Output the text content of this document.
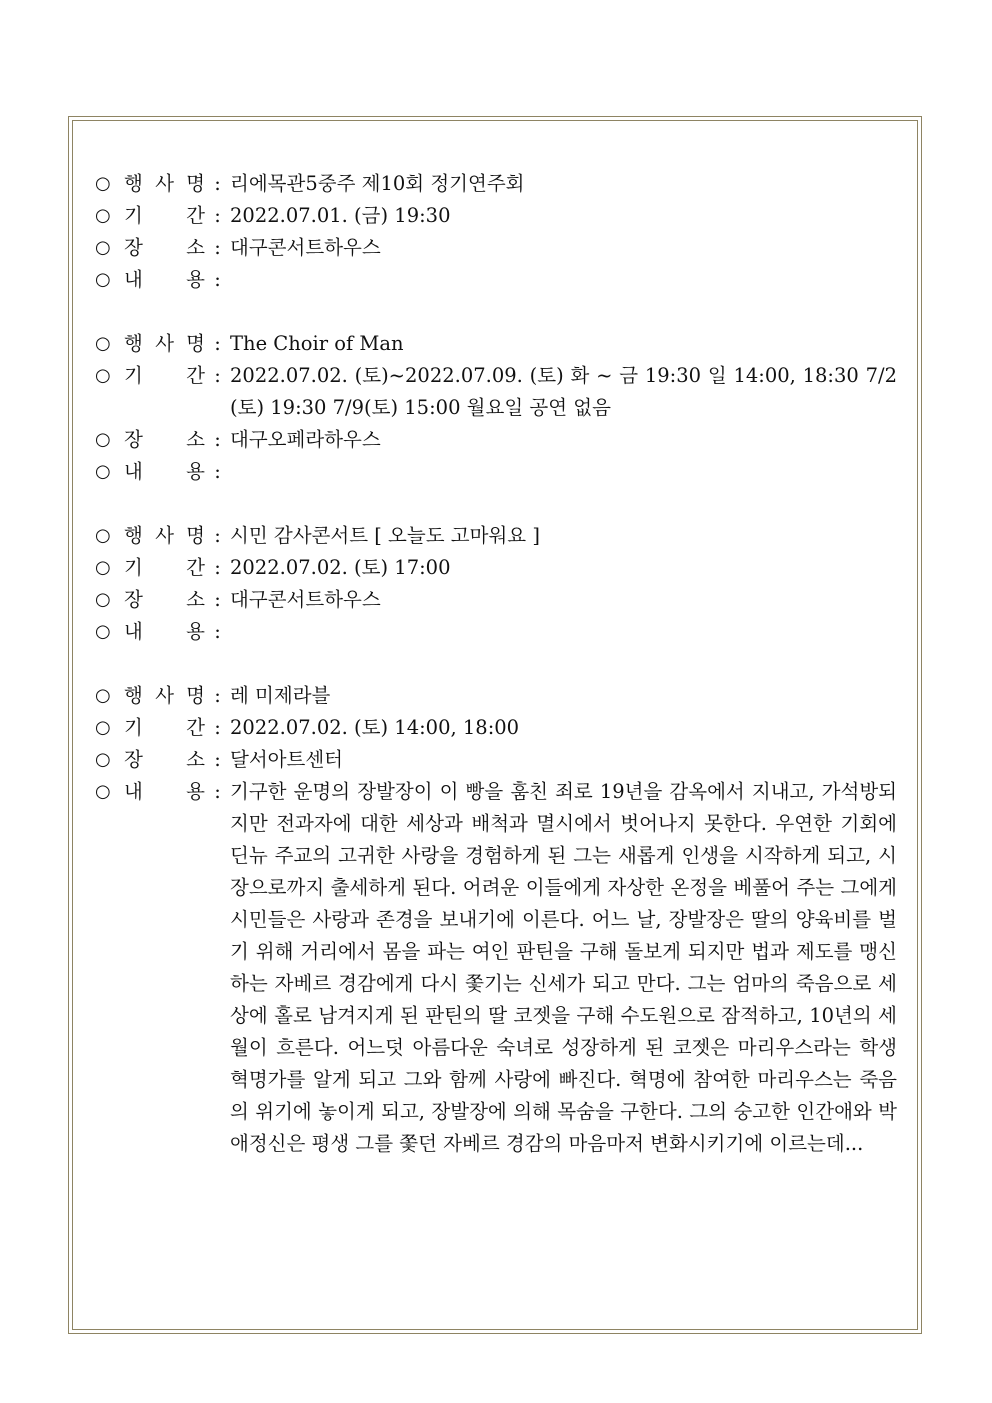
○ 행 사 명 : 리에목관5중주 제10회 정기연주회
○ 기 간 : 2022.07.01. (금) 19:30
○ 장 소 : 대구콘서트하우스
○ 내 용 :
○ 행 사 명 : The Choir of Man
○ 기 간 : 2022.07.02. (토)~2022.07.09. (토) 화 ~ 금 19:30 일 14:00, 18:30 7/2 (토) 19:30 7/9(토) 15:00 월요일 공연 없음
○ 장 소 : 대구오페라하우스
○ 내 용 :
○ 행 사 명 : 시민 감사콘서트 [ 오늘도 고마워요 ]
○ 기 간 : 2022.07.02. (토) 17:00
○ 장 소 : 대구콘서트하우스
○ 내 용 :
○ 행 사 명 : 레 미제라블
○ 기 간 : 2022.07.02. (토) 14:00, 18:00
○ 장 소 : 달서아트센터
○ 내 용 : 기구한 운명의 장발장이 이 빵을 훔친 죄로 19년을 감옥에서 지내고, 가석방되지만 전과자에 대한 세상과 배척과 멸시에서 벗어나지 못한다. 우연한 기회에 딘뉴 주교의 고귀한 사랑을 경험하게 된 그는 새롭게 인생을 시작하게 되고, 시장으로까지 출세하게 된다. 어려운 이들에게 자상한 온정을 베풀어 주는 그에게 시민들은 사랑과 존경을 보내기에 이른다. 어느 날, 장발장은 딸의 양육비를 벌기 위해 거리에서 몸을 파는 여인 판틴을 구해 돌보게 되지만 법과 제도를 맹신하는 자베르 경감에게 다시 쫓기는 신세가 되고 만다. 그는 엄마의 죽음으로 세상에 홀로 남겨지게 된 판틴의 딸 코젯을 구해 수도원으로 잠적하고, 10년의 세월이 흐른다. 어느덧 아름다운 숙녀로 성장하게 된 코젯은 마리우스라는 학생 혁명가를 알게 되고 그와 함께 사랑에 빠진다. 혁명에 참여한 마리우스는 죽음의 위기에 놓이게 되고, 장발장에 의해 목숨을 구한다. 그의 숭고한 인간애와 박애정신은 평생 그를 쫓던 자베르 경감의 마음마저 변화시키기에 이르는데...
